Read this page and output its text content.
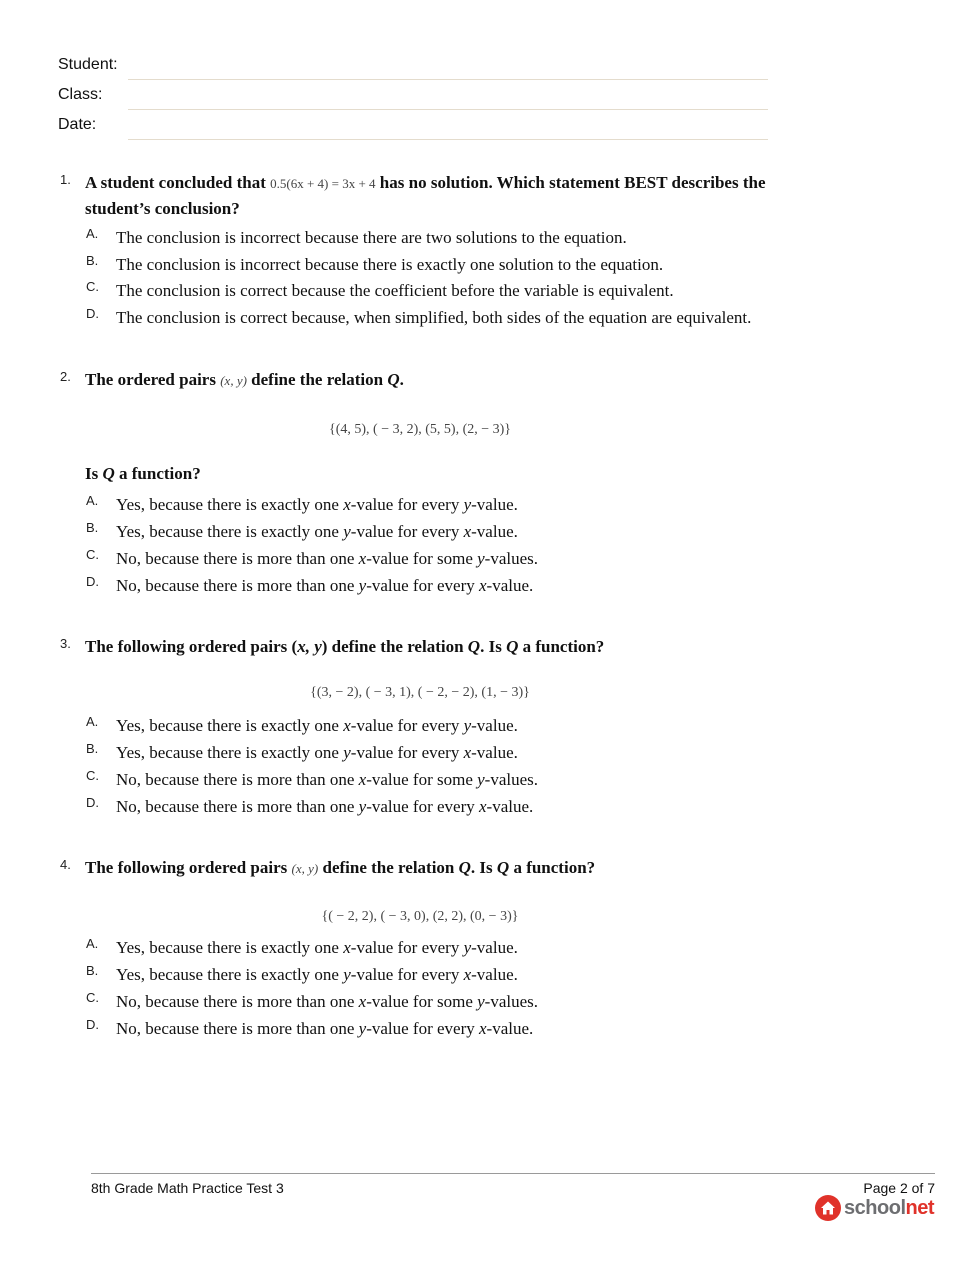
Student:
Class:
Date:
1. A student concluded that 0.5(6x + 4) = 3x + 4 has no solution. Which statement BEST describes the student’s conclusion?
A. The conclusion is incorrect because there are two solutions to the equation.
B. The conclusion is incorrect because there is exactly one solution to the equation.
C. The conclusion is correct because the coefficient before the variable is equivalent.
D. The conclusion is correct because, when simplified, both sides of the equation are equivalent.
2. The ordered pairs (x, y) define the relation Q.
{(4, 5), ( − 3, 2), (5, 5), (2, − 3)}
Is Q a function?
A. Yes, because there is exactly one x-value for every y-value.
B. Yes, because there is exactly one y-value for every x-value.
C. No, because there is more than one x-value for some y-values.
D. No, because there is more than one y-value for every x-value.
3. The following ordered pairs (x, y) define the relation Q. Is Q a function?
{(3, − 2), ( − 3, 1), ( − 2, − 2), (1, − 3)}
A. Yes, because there is exactly one x-value for every y-value.
B. Yes, because there is exactly one y-value for every x-value.
C. No, because there is more than one x-value for some y-values.
D. No, because there is more than one y-value for every x-value.
4. The following ordered pairs (x, y) define the relation Q. Is Q a function?
{( − 2, 2), ( − 3, 0), (2, 2), (0, − 3)}
A. Yes, because there is exactly one x-value for every y-value.
B. Yes, because there is exactly one y-value for every x-value.
C. No, because there is more than one x-value for some y-values.
D. No, because there is more than one y-value for every x-value.
8th Grade Math Practice Test 3	Page 2 of 7
schoolnet
